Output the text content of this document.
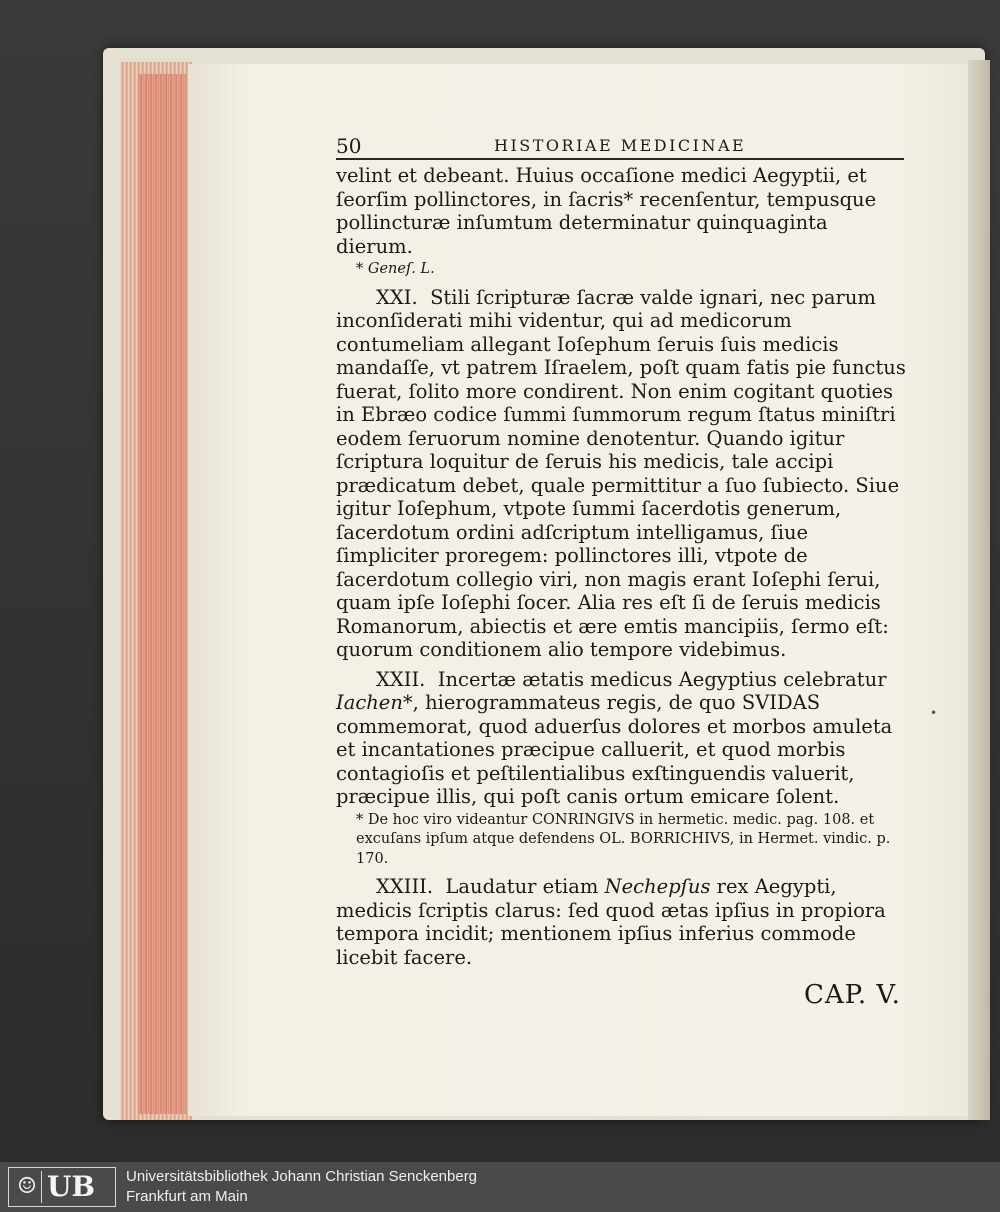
50	HISTORIAE MEDICINAE

velint et debeant. Huius occaſione medici Aegyptii, et ſeorſim pollinctores, in ſacris* recenſentur, tempusque pollincturæ inſumtum determinatur quinquaginta dierum.

* Geneſ. L.

XXI. Stili ſcripturæ ſacræ valde ignari, nec parum inconſiderati mihi videntur, qui ad medicorum contumeliam allegant Ioſephum ſeruis ſuis medicis mandaſſe, vt patrem Iſraelem, poſt quam fatis pie functus fuerat, ſolito more condirent. Non enim cogitant quoties in Ebræo codice ſummi ſummorum regum ſtatus miniſtri eodem ſeruorum nomine denotentur. Quando igitur ſcriptura loquitur de ſeruis his medicis, tale accipi prædicatum debet, quale permittitur a ſuo ſubiecto. Siue igitur Ioſephum, vtpote ſummi ſacerdotis generum, ſacerdotum ordini adſcriptum intelligamus, ſiue ſimpliciter proregem: pollinctores illi, vtpote de ſacerdotum collegio viri, non magis erant Ioſephi ſerui, quam ipſe Ioſephi ſocer. Alia res eſt ſi de ſeruis medicis Romanorum, abiectis et ære emtis mancipiis, ſermo eſt: quorum conditionem alio tempore videbimus.

XXII. Incertæ ætatis medicus Aegyptius celebratur Iachen*, hierogrammateus regis, de quo SVIDAS commemorat, quod aduerſus dolores et morbos amuleta et incantationes præcipue calluerit, et quod morbis contagioſis et peſtilentialibus exſtinguendis valuerit, præcipue illis, qui poſt canis ortum emicare ſolent.

* De hoc viro videantur CONRINGIVS in hermetic. medic. pag. 108. et excuſans ipſum atque defendens OL. BORRICHIVS, in Hermet. vindic. p. 170.

XXIII. Laudatur etiam Nechepſus rex Aegypti, medicis ſcriptis clarus: ſed quod ætas ipſius in propiora tempora incidit; mentionem ipſius inferius commode licebit facere.

•
CAP. V.
☺ UB Universitätsbibliothek Johann Christian Senckenberg
Frankfurt am Main
